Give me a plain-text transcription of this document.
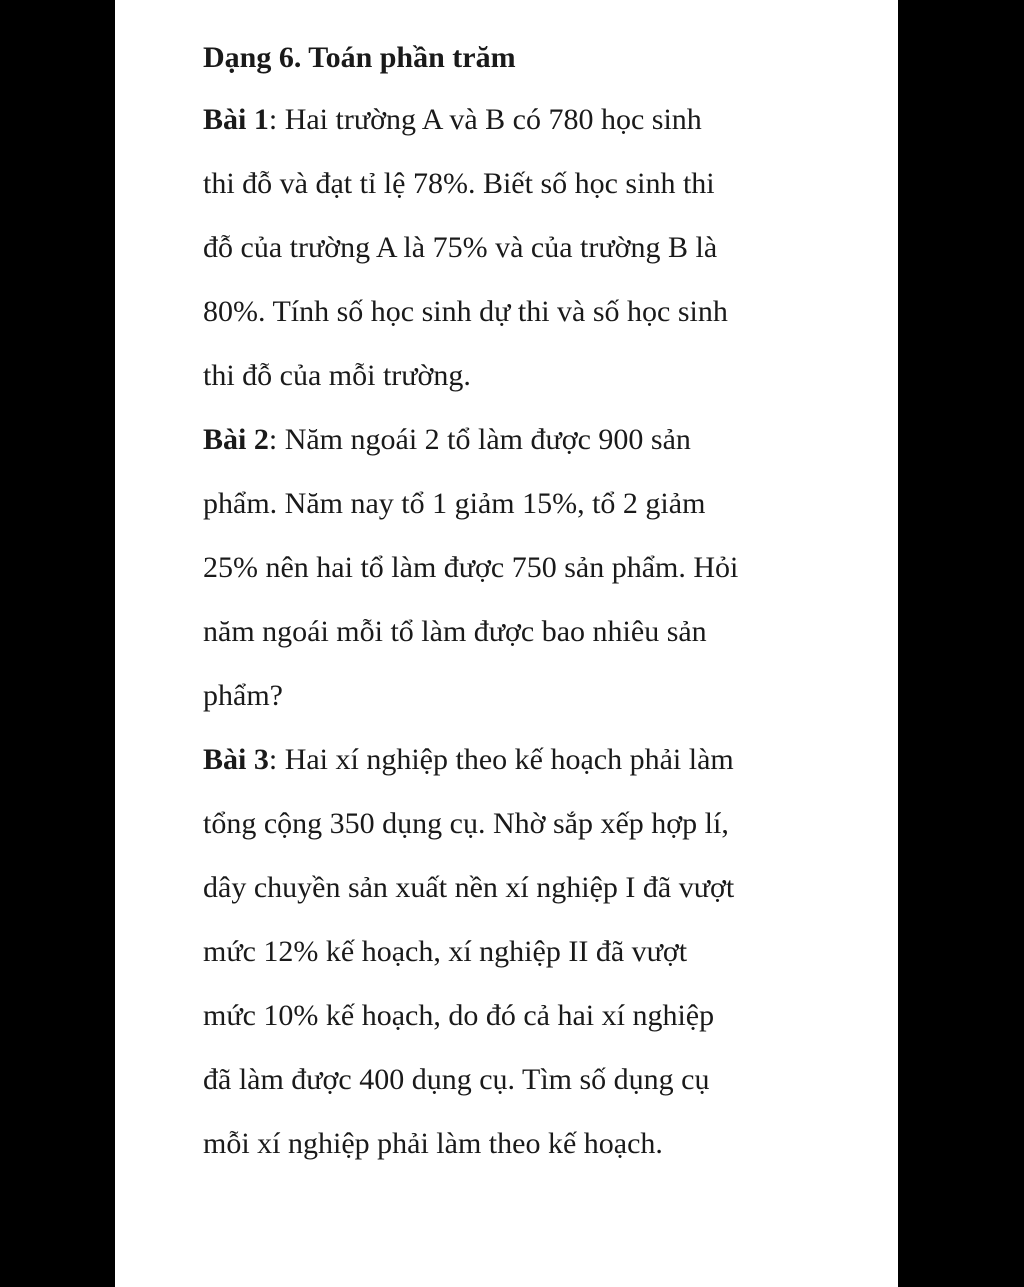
Dạng 6. Toán phần trăm
Bài 1: Hai trường A và B có 780 học sinh
thi đỗ và đạt tỉ lệ 78%. Biết số học sinh thi
đỗ của trường A là 75% và của trường B là
80%. Tính số học sinh dự thi và số học sinh
thi đỗ của mỗi trường.
Bài 2: Năm ngoái 2 tổ làm được 900 sản
phẩm. Năm nay tổ 1 giảm 15%, tổ 2 giảm
25% nên hai tổ làm được 750 sản phẩm. Hỏi
năm ngoái mỗi tổ làm được bao nhiêu sản
phẩm?
Bài 3: Hai xí nghiệp theo kế hoạch phải làm
tổng cộng 350 dụng cụ. Nhờ sắp xếp hợp lí,
dây chuyền sản xuất nền xí nghiệp I đã vượt
mức 12% kế hoạch, xí nghiệp II đã vượt
mức 10% kế hoạch, do đó cả hai xí nghiệp
đã làm được 400 dụng cụ. Tìm số dụng cụ
mỗi xí nghiệp phải làm theo kế hoạch.
